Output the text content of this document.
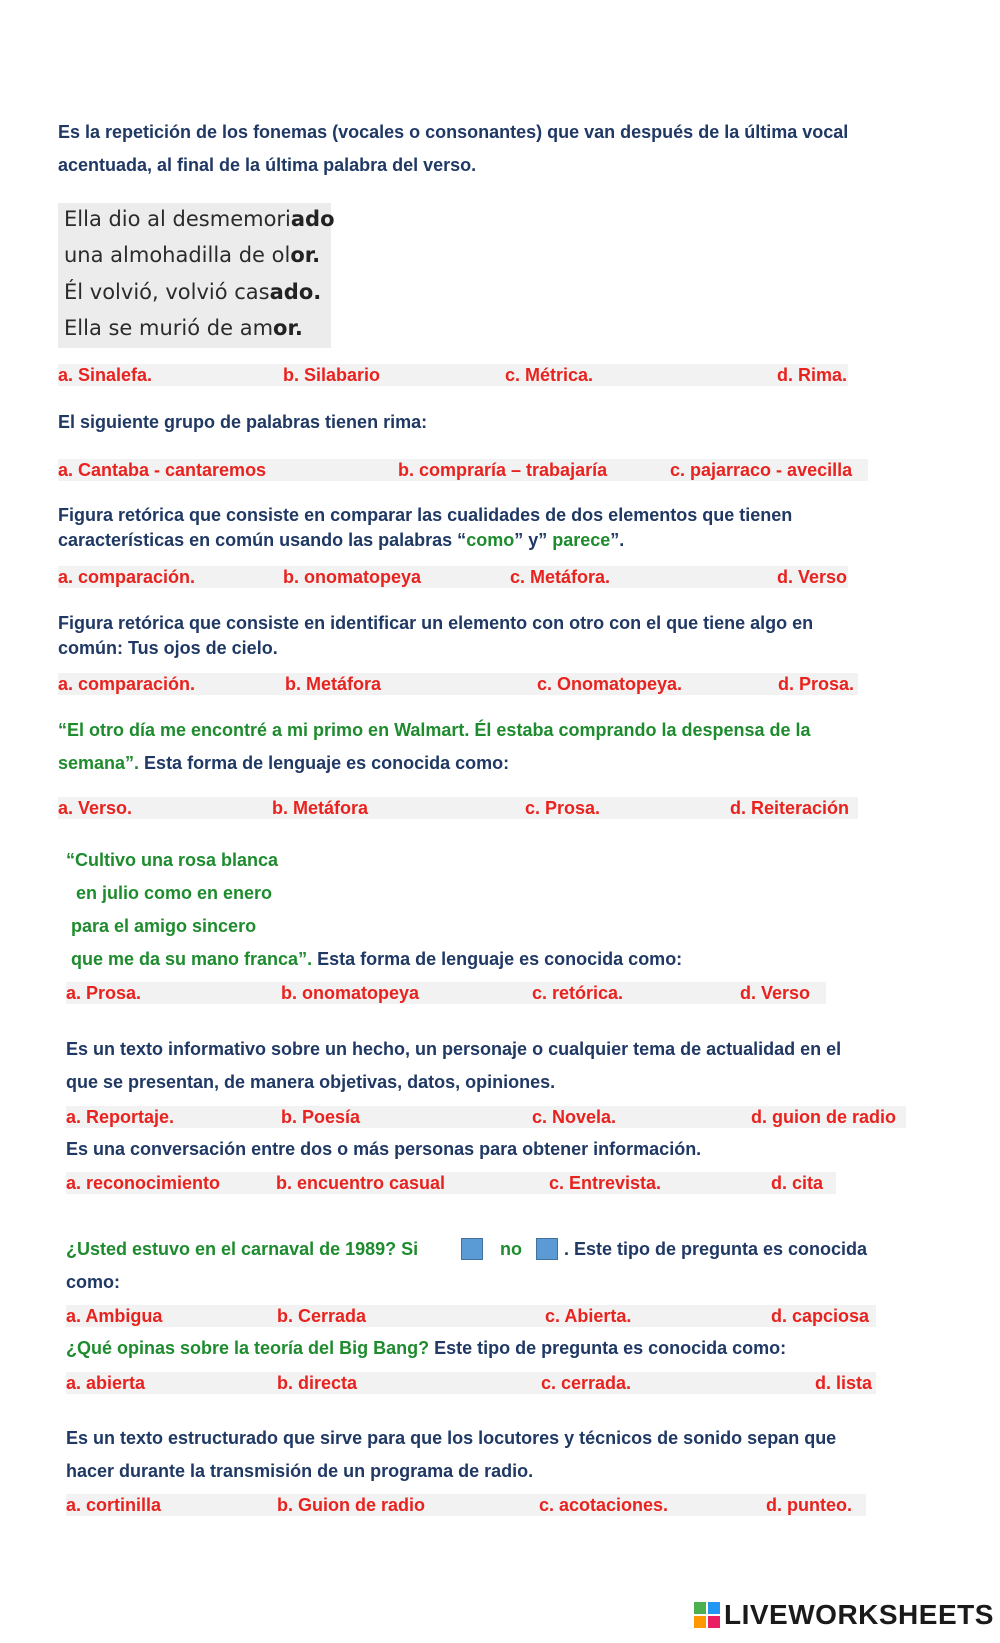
Es la repetición de los fonemas (vocales o consonantes) que van después de la última vocal
acentuada, al final de la última palabra del verso.
Ella dio al desmemoriado
una almohadilla de olor.
Él volvió, volvió casado.
Ella se murió de amor.
a. Sinalefa.	b. Silabario	c. Métrica.	d. Rima.
El siguiente grupo de palabras tienen rima:
a. Cantaba - cantaremos	b. compraría – trabajaría	c. pajarraco - avecilla
Figura retórica que consiste en comparar las cualidades de dos elementos que tienen
características en común usando las palabras “como” y” parece”.
a. comparación.	b. onomatopeya	c. Metáfora.	d. Verso
Figura retórica que consiste en identificar un elemento con otro con el que tiene algo en
común: Tus ojos de cielo.
a. comparación.	b. Metáfora	c. Onomatopeya.	d. Prosa.
“El otro día me encontré a mi primo en Walmart. Él estaba comprando la despensa de la
semana”. Esta forma de lenguaje es conocida como:
a. Verso.	b. Metáfora	c. Prosa.	d. Reiteración
“Cultivo una rosa blanca
en julio como en enero
para el amigo sincero
que me da su mano franca”. Esta forma de lenguaje es conocida como:
a. Prosa.	b. onomatopeya	c. retórica.	d. Verso
Es un texto informativo sobre un hecho, un personaje o cualquier tema de actualidad en el
que se presentan, de manera objetivas, datos, opiniones.
a. Reportaje.	b. Poesía	c. Novela.	d. guion de radio
Es una conversación entre dos o más personas para obtener información.
a. reconocimiento	b. encuentro casual	c. Entrevista.	d. cita
¿Usted estuvo en el carnaval de 1989? Si	no . Este tipo de pregunta es conocida
como:
a. Ambigua	b. Cerrada	c. Abierta.	d. capciosa
¿Qué opinas sobre la teoría del Big Bang? Este tipo de pregunta es conocida como:
a. abierta	b. directa	c. cerrada.	d. lista
Es un texto estructurado que sirve para que los locutores y técnicos de sonido sepan que
hacer durante la transmisión de un programa de radio.
a. cortinilla	b. Guion de radio	c. acotaciones.	d. punteo.
LIVEWORKSHEETS
